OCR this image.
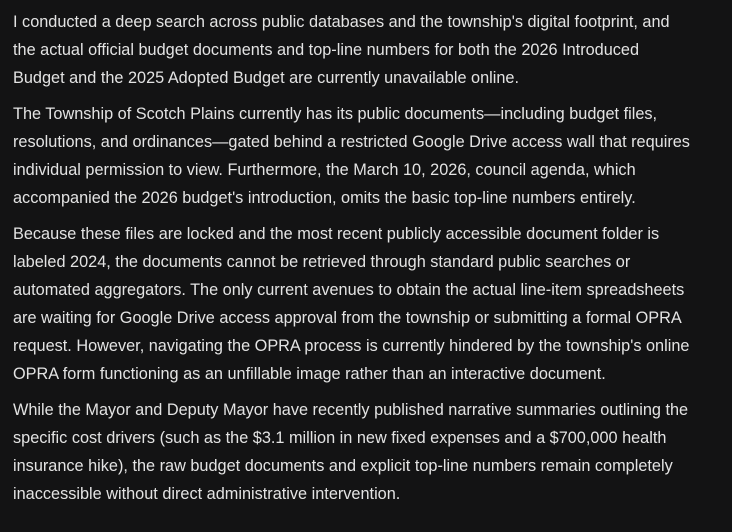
I conducted a deep search across public databases and the township's digital footprint, and
the actual official budget documents and top-line numbers for both the 2026 Introduced
Budget and the 2025 Adopted Budget are currently unavailable online.

The Township of Scotch Plains currently has its public documents—including budget files,
resolutions, and ordinances—gated behind a restricted Google Drive access wall that requires
individual permission to view. Furthermore, the March 10, 2026, council agenda, which
accompanied the 2026 budget's introduction, omits the basic top-line numbers entirely.

Because these files are locked and the most recent publicly accessible document folder is
labeled 2024, the documents cannot be retrieved through standard public searches or
automated aggregators. The only current avenues to obtain the actual line-item spreadsheets
are waiting for Google Drive access approval from the township or submitting a formal OPRA
request. However, navigating the OPRA process is currently hindered by the township's online
OPRA form functioning as an unfillable image rather than an interactive document.

While the Mayor and Deputy Mayor have recently published narrative summaries outlining the
specific cost drivers (such as the $3.1 million in new fixed expenses and a $700,000 health
insurance hike), the raw budget documents and explicit top-line numbers remain completely
inaccessible without direct administrative intervention.
